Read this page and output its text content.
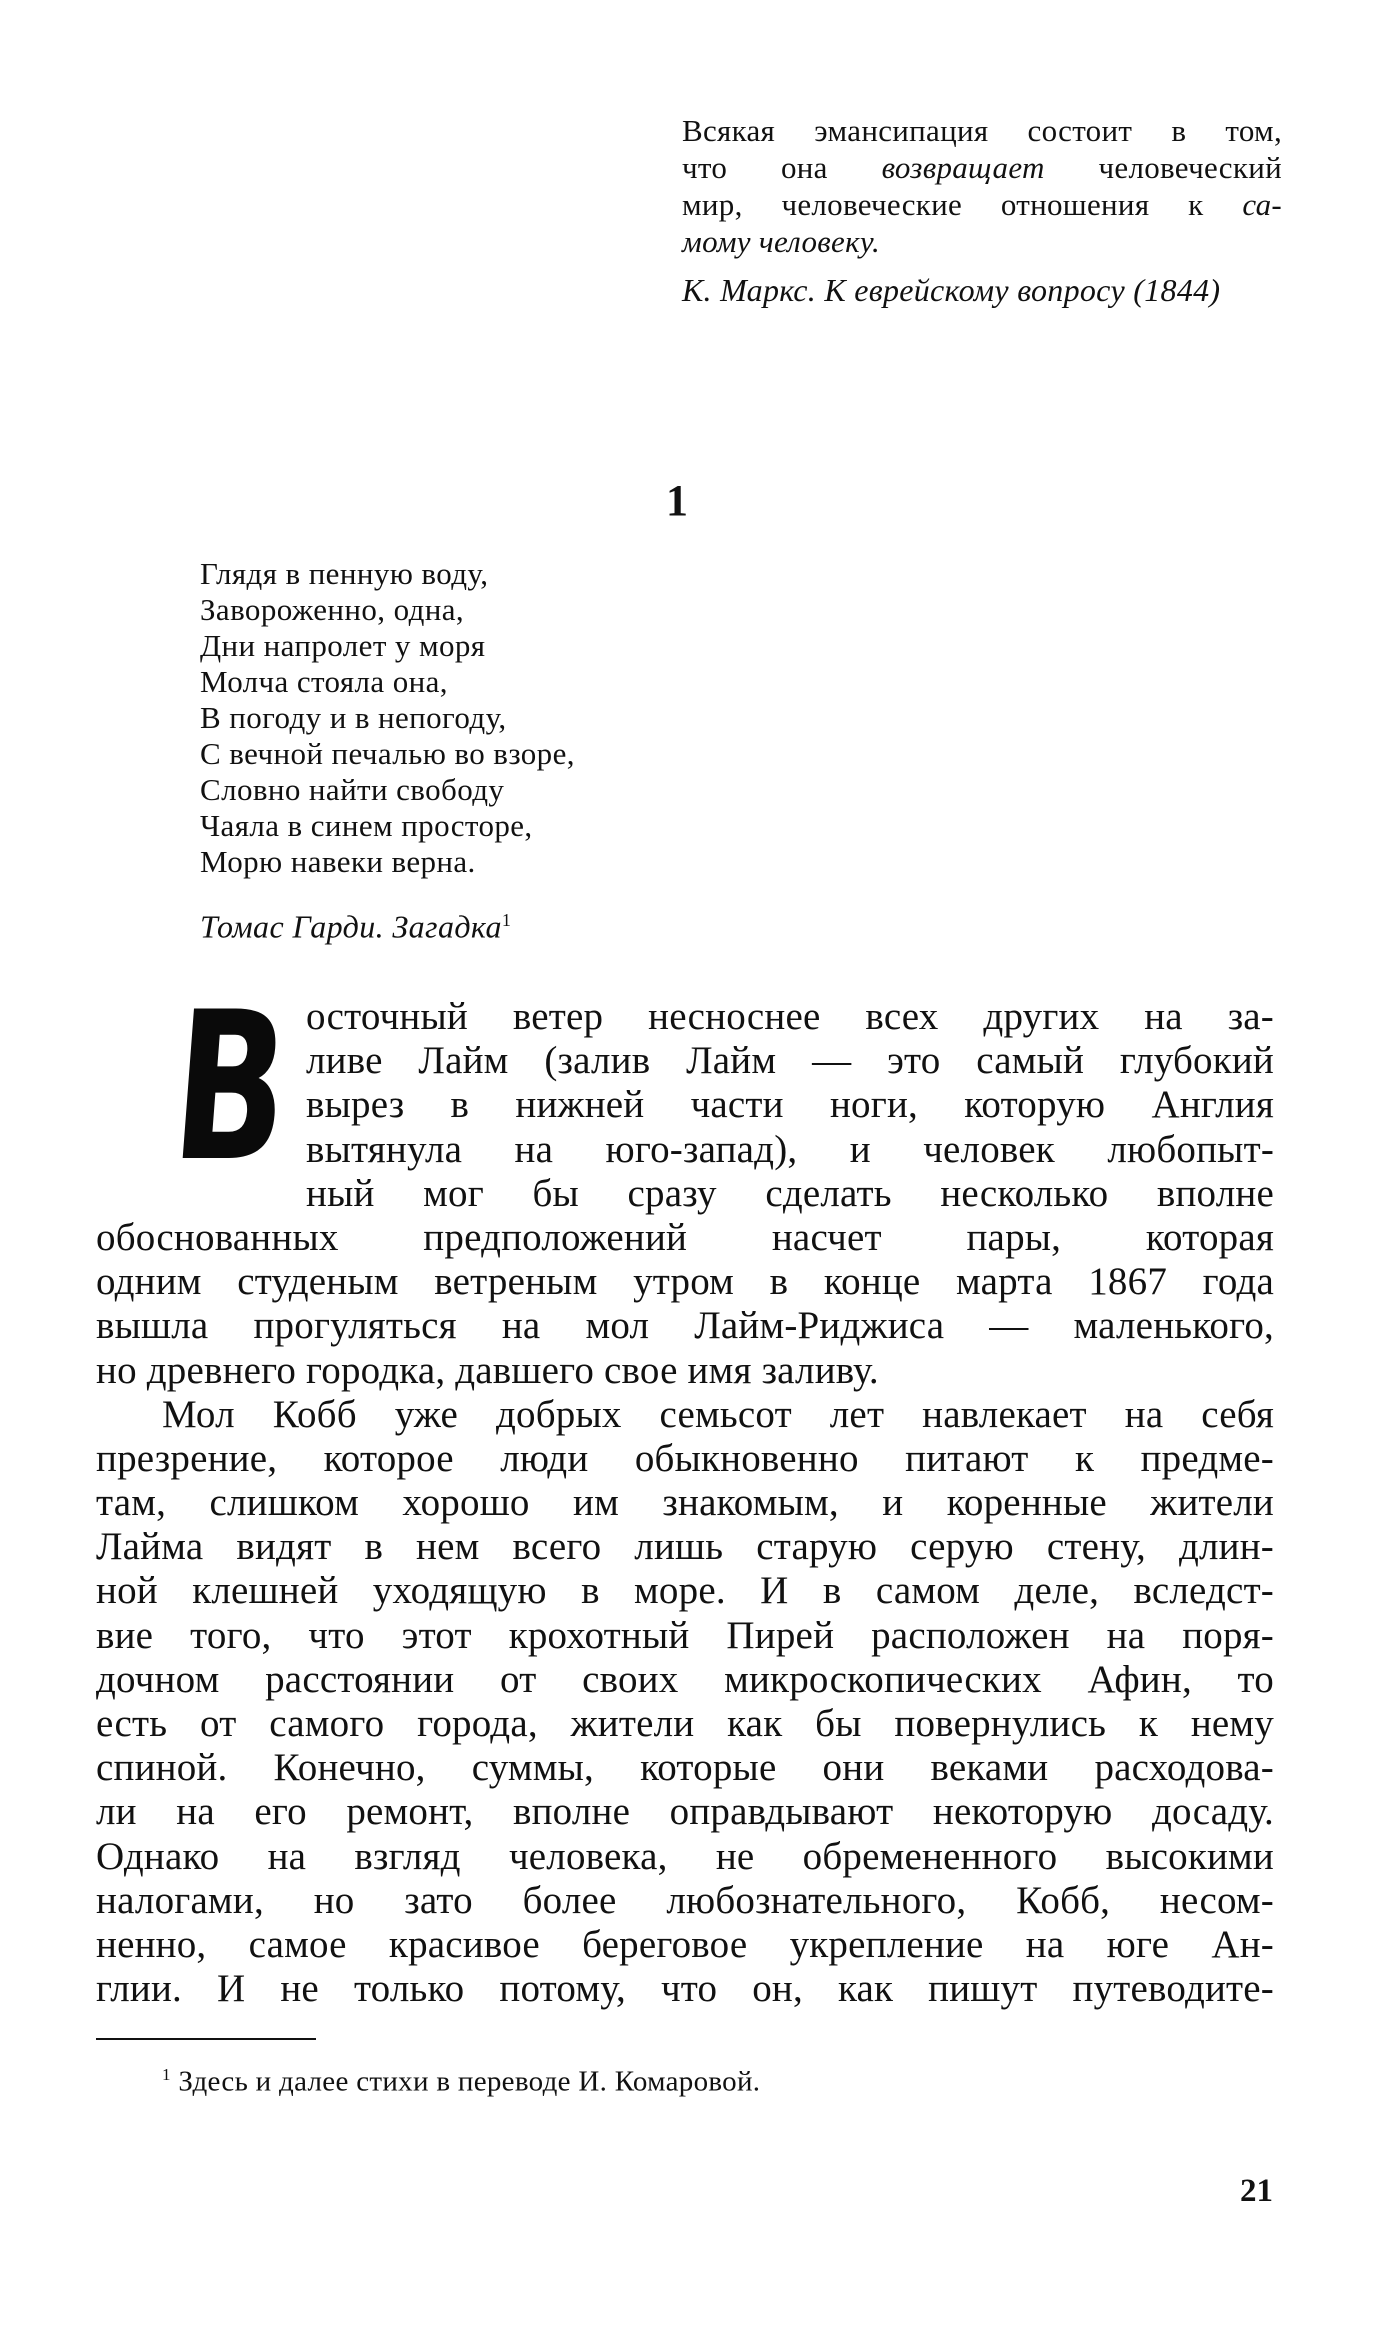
Всякая эмансипация состоит в том,
что она возвращает человеческий
мир, человеческие отношения к са-
мому человеку.
К. Маркс. К еврейскому вопросу (1844)
1
Глядя в пенную воду,
Завороженно, одна,
Дни напролет у моря
Молча стояла она,
В погоду и в непогоду,
С вечной печалью во взоре,
Словно найти свободу
Чаяла в синем просторе,
Морю навеки верна.
Томас Гарди. Загадка$^1$
В осточный ветер несноснее всех других на за-
ливе Лайм (залив Лайм — это самый глубокий
вырез в нижней части ноги, которую Англия
вытянула на юго-запад), и человек любопыт-
ный мог бы сразу сделать несколько вполне
обоснованных предположений насчет пары, которая
одним студеным ветреным утром в конце марта 1867 года
вышла прогуляться на мол Лайм-Риджиса — маленького,
но древнего городка, давшего свое имя заливу.
Мол Кобб уже добрых семьсот лет навлекает на себя
презрение, которое люди обыкновенно питают к предме-
там, слишком хорошо им знакомым, и коренные жители
Лайма видят в нем всего лишь старую серую стену, длин-
ной клешней уходящую в море. И в самом деле, вследст-
вие того, что этот крохотный Пирей расположен на поря-
дочном расстоянии от своих микроскопических Афин, то
есть от самого города, жители как бы повернулись к нему
спиной. Конечно, суммы, которые они веками расходова-
ли на его ремонт, вполне оправдывают некоторую досаду.
Однако на взгляд человека, не обремененного высокими
налогами, но зато более любознательного, Кобб, несом-
ненно, самое красивое береговое укрепление на юге Ан-
глии. И не только потому, что он, как пишут путеводите-
$^1$ Здесь и далее стихи в переводе И. Комаровой.
21
